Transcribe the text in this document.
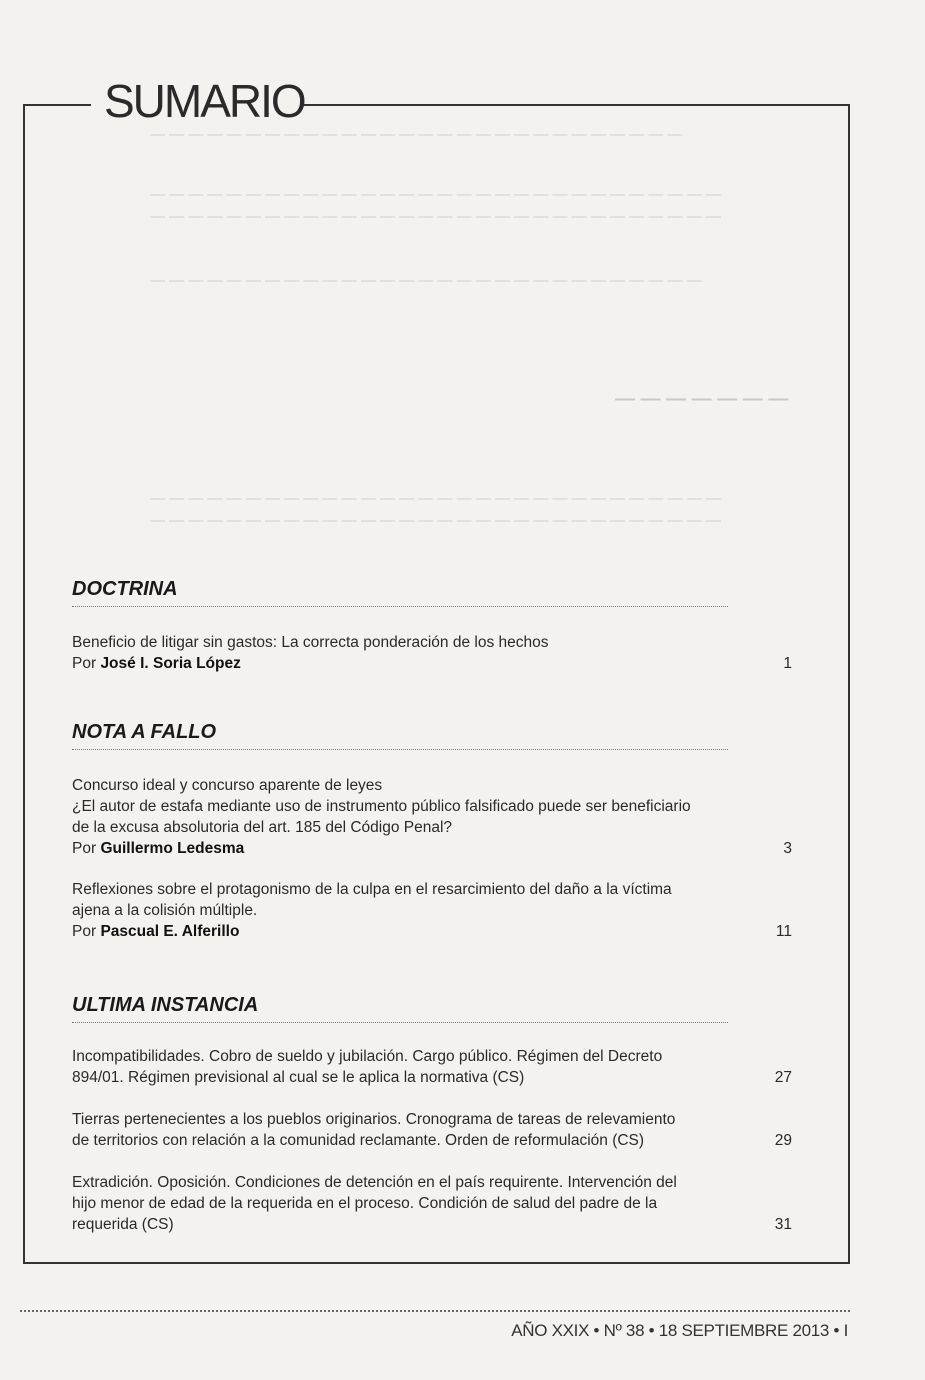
— — — — — — — — — — — — — — — — — — — — — — — — — — — —
— — — — — — — — — — — — — — — — — — — — — — — — — — — — — —
— — — — — — — — — — — — — — — — — — — — — — — — — — — — — —
— — — — — — — — — — — — — — — — — — — — — — — — — — — — —
— — — — — — — — — — — — — — — — — — — — — — — — — — — — — —
— — — — — — — — — — — — — — — — — — — — — — — — — — — — — —
— — — — — — —
SUMARIO
DOCTRINA
Beneficio de litigar sin gastos: La correcta ponderación de los hechos
Por José I. Soria López	1
NOTA A FALLO
Concurso ideal y concurso aparente de leyes
¿El autor de estafa mediante uso de instrumento público falsificado puede ser beneficiario
de la excusa absolutoria del art. 185 del Código Penal?
Por Guillermo Ledesma	3
Reflexiones sobre el protagonismo de la culpa en el resarcimiento del daño a la víctima
ajena a la colisión múltiple.
Por Pascual E. Alferillo	11
ULTIMA INSTANCIA
Incompatibilidades. Cobro de sueldo y jubilación. Cargo público. Régimen del Decreto
894/01. Régimen previsional al cual se le aplica la normativa (CS)	27
Tierras pertenecientes a los pueblos originarios. Cronograma de tareas de relevamiento
de territorios con relación a la comunidad reclamante. Orden de reformulación (CS)	29
Extradición. Oposición. Condiciones de detención en el país requirente. Intervención del
hijo menor de edad de la requerida en el proceso. Condición de salud del padre de la
requerida (CS)	31
AÑO XXIX • Nº 38 • 18 SEPTIEMBRE 2013 • I
